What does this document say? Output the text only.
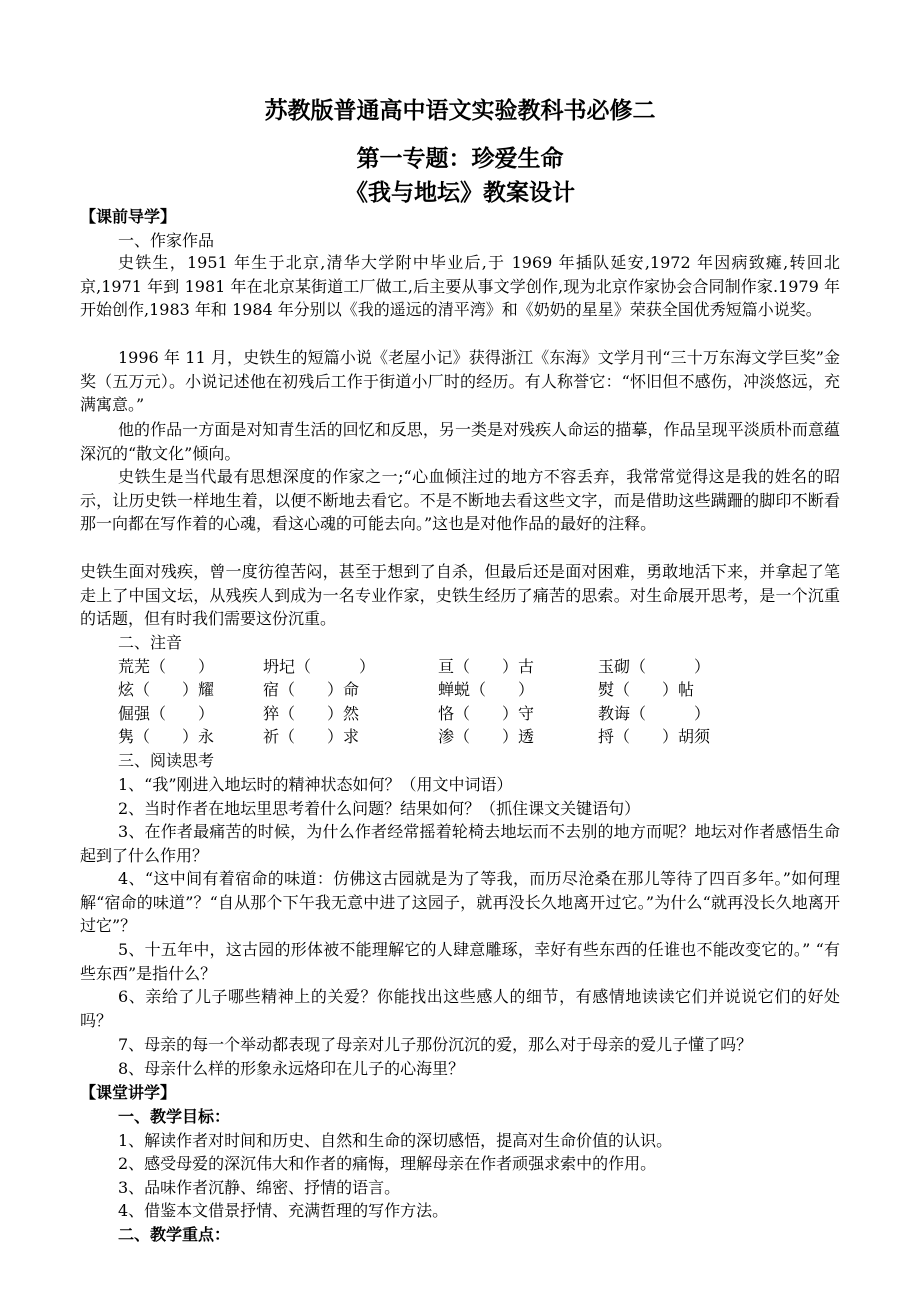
苏教版普通高中语文实验教科书必修二
第一专题：珍爱生命
《我与地坛》教案设计
【课前导学】
一、作家作品
史铁生，1951 年生于北京,清华大学附中毕业后,于 1969 年插队延安,1972 年因病致瘫,转回北京,1971 年到 1981 年在北京某街道工厂做工,后主要从事文学创作,现为北京作家协会合同制作家.1979 年开始创作,1983 年和 1984 年分别以《我的遥远的清平湾》和《奶奶的星星》荣获全国优秀短篇小说奖。
1996 年 11 月，史铁生的短篇小说《老屋小记》获得浙江《东海》文学月刊“三十万东海文学巨奖”金奖（五万元）。小说记述他在初残后工作于街道小厂时的经历。有人称誉它：“怀旧但不感伤，冲淡悠远，充满寓意。”
他的作品一方面是对知青生活的回忆和反思，另一类是对残疾人命运的描摹，作品呈现平淡质朴而意蕴深沉的“散文化”倾向。
史铁生是当代最有思想深度的作家之一;“心血倾注过的地方不容丢弃，我常常觉得这是我的姓名的昭示，让历史铁一样地生着，以便不断地去看它。不是不断地去看这些文字，而是借助这些蹒跚的脚印不断看那一向都在写作着的心魂，看这心魂的可能去向。”这也是对他作品的最好的注释。
史铁生面对残疾，曾一度彷徨苦闷，甚至于想到了自杀，但最后还是面对困难，勇敢地活下来，并拿起了笔走上了中国文坛，从残疾人到成为一名专业作家，史铁生经历了痛苦的思索。对生命展开思考，是一个沉重的话题，但有时我们需要这份沉重。
二、注音
荒芜（　　）	坍圮（　　　）	亘（　　）古	玉砌（　　　）
炫（　　）耀	宿（　　）命	蝉蜕（　　）	熨（　　）帖
倔强（　　）	猝（　　）然	恪（　　）守	教诲（　　　）
隽（　　）永	祈（　　）求	渗（　　）透	捋（　　）胡须
三、阅读思考
1、“我”刚进入地坛时的精神状态如何？（用文中词语）
2、当时作者在地坛里思考着什么问题？结果如何？（抓住课文关键语句）
3、在作者最痛苦的时候，为什么作者经常摇着轮椅去地坛而不去别的地方而呢？地坛对作者感悟生命起到了什么作用？
4、“这中间有着宿命的味道：仿佛这古园就是为了等我，而历尽沧桑在那儿等待了四百多年。”如何理解“宿命的味道”？“自从那个下午我无意中进了这园子，就再没长久地离开过它。”为什么“就再没长久地离开过它”？
5、十五年中，这古园的形体被不能理解它的人肆意雕琢，幸好有些东西的任谁也不能改变它的。” “有些东西”是指什么？
6、亲给了儿子哪些精神上的关爱？你能找出这些感人的细节，有感情地读读它们并说说它们的好处吗？
7、母亲的每一个举动都表现了母亲对儿子那份沉沉的爱，那么对于母亲的爱儿子懂了吗？
8、母亲什么样的形象永远烙印在儿子的心海里？
【课堂讲学】
一、教学目标：
1、解读作者对时间和历史、自然和生命的深切感悟，提高对生命价值的认识。
2、感受母爱的深沉伟大和作者的痛悔，理解母亲在作者顽强求索中的作用。
3、品味作者沉静、绵密、抒情的语言。
4、借鉴本文借景抒情、充满哲理的写作方法。
二、教学重点：
